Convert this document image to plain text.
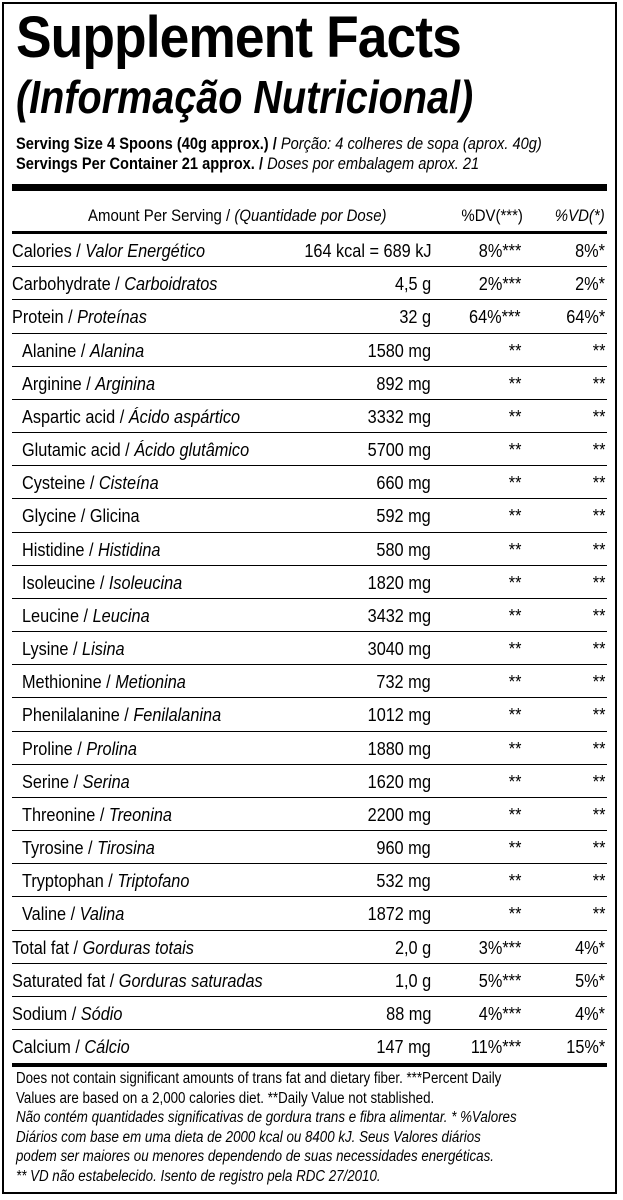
Supplement Facts
(Informação Nutricional)
Serving Size 4 Spoons (40g approx.) / Porção: 4 colheres de sopa (aprox. 40g)
Servings Per Container 21 approx. / Doses por embalagem aprox. 21
Amount Per Serving / (Quantidade por Dose)	%DV(***) %VD(*)
Calories / Valor Energético	164 kcal = 689 kJ	8%***	8%*
Carbohydrate / Carboidratos	4,5 g	2%***	2%*
Protein / Proteínas	32 g 64%*** 64%*
Alanine / Alanina	1580 mg	**	**
Arginine / Arginina	892 mg	**	**
Aspartic acid / Ácido aspártico	3332 mg	**	**
Glutamic acid / Ácido glutâmico	5700 mg	**	**
Cysteine / Cisteína	660 mg	**	**
Glycine / Glicina	592 mg	**	**
Histidine / Histidina	580 mg	**	**
Isoleucine / Isoleucina	1820 mg	**	**
Leucine / Leucina	3432 mg	**	**
Lysine / Lisina	3040 mg	**	**
Methionine / Metionina	732 mg	**	**
Phenilalanine / Fenilalanina	1012 mg	**	**
Proline / Prolina	1880 mg	**	**
Serine / Serina	1620 mg	**	**
Threonine / Treonina	2200 mg	**	**
Tyrosine / Tirosina	960 mg	**	**
Tryptophan / Triptofano	532 mg	**	**
Valine / Valina	1872 mg	**	**
Total fat / Gorduras totais	2,0 g	3%***	4%*
Saturated fat / Gorduras saturadas	1,0 g	5%***	5%*
Sodium / Sódio	88 mg	4%***	4%*
Calcium / Cálcio	147 mg 11%*** 15%*
Does not contain significant amounts of trans fat and dietary fiber. ***Percent Daily
Values are based on a 2,000 calories diet. **Daily Value not stablished.
Não contém quantidades significativas de gordura trans e fibra alimentar. * %Valores
Diários com base em uma dieta de 2000 kcal ou 8400 kJ. Seus Valores diários
podem ser maiores ou menores dependendo de suas necessidades energéticas.
** VD não estabelecido. Isento de registro pela RDC 27/2010.
